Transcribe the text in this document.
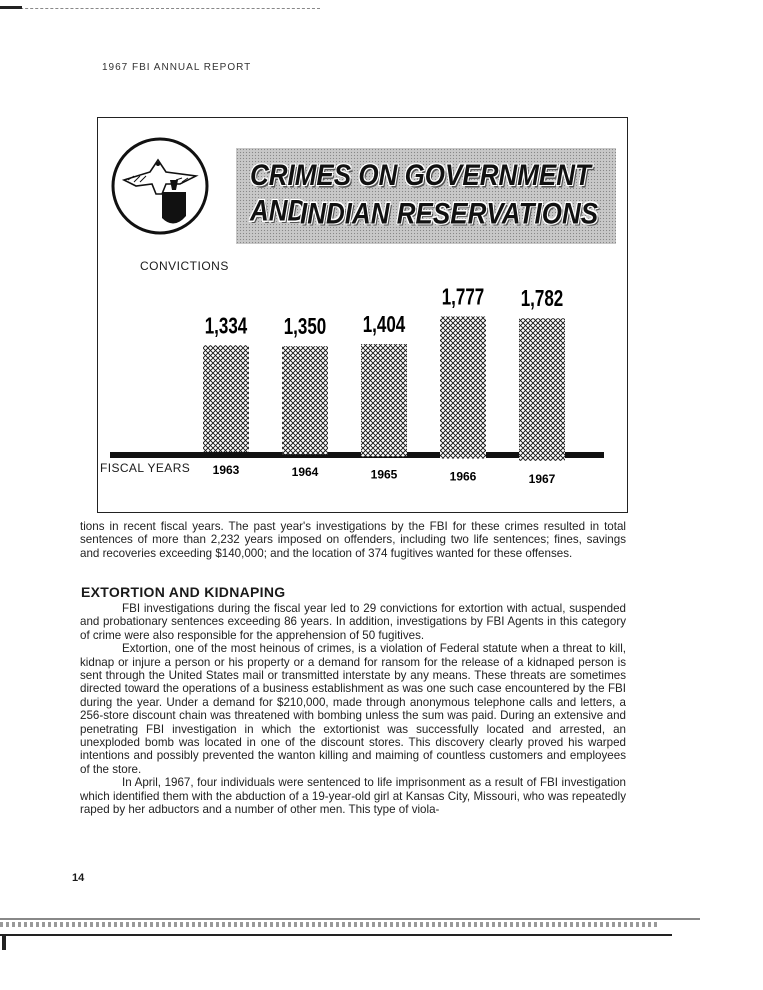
1967 FBI ANNUAL REPORT
CRIMES ON GOVERNMENT AND
INDIAN RESERVATIONS
CONVICTIONS
1,334
1963
1,350
1964
1,404
1965
1,777
1966
1,782
1967
FISCAL YEARS

tions in recent fiscal years. The past year's investigations by the FBI for these crimes resulted in total sentences of more than 2,232 years imposed on offenders, including two life sentences; fines, savings and recoveries exceeding $140,000; and the location of 374 fugitives wanted for these offenses.

EXTORTION AND KIDNAPING

FBI investigations during the fiscal year led to 29 convictions for extortion with actual, suspended and probationary sentences exceeding 86 years. In addition, investigations by FBI Agents in this category of crime were also responsible for the apprehension of 50 fugitives.

Extortion, one of the most heinous of crimes, is a violation of Federal statute when a threat to kill, kidnap or injure a person or his property or a demand for ransom for the release of a kidnaped person is sent through the United States mail or transmitted interstate by any means. These threats are sometimes directed toward the operations of a business establishment as was one such case encountered by the FBI during the year. Under a demand for $210,000, made through anonymous telephone calls and letters, a 256-store discount chain was threatened with bombing unless the sum was paid. During an extensive and penetrating FBI investigation in which the extortionist was successfully located and arrested, an unexploded bomb was located in one of the discount stores. This discovery clearly proved his warped intentions and possibly prevented the wanton killing and maiming of countless customers and employees of the store.

In April, 1967, four individuals were sentenced to life imprisonment as a result of FBI investigation which identified them with the abduction of a 19-year-old girl at Kansas City, Missouri, who was repeatedly raped by her adbuctors and a number of other men. This type of viola-

14
